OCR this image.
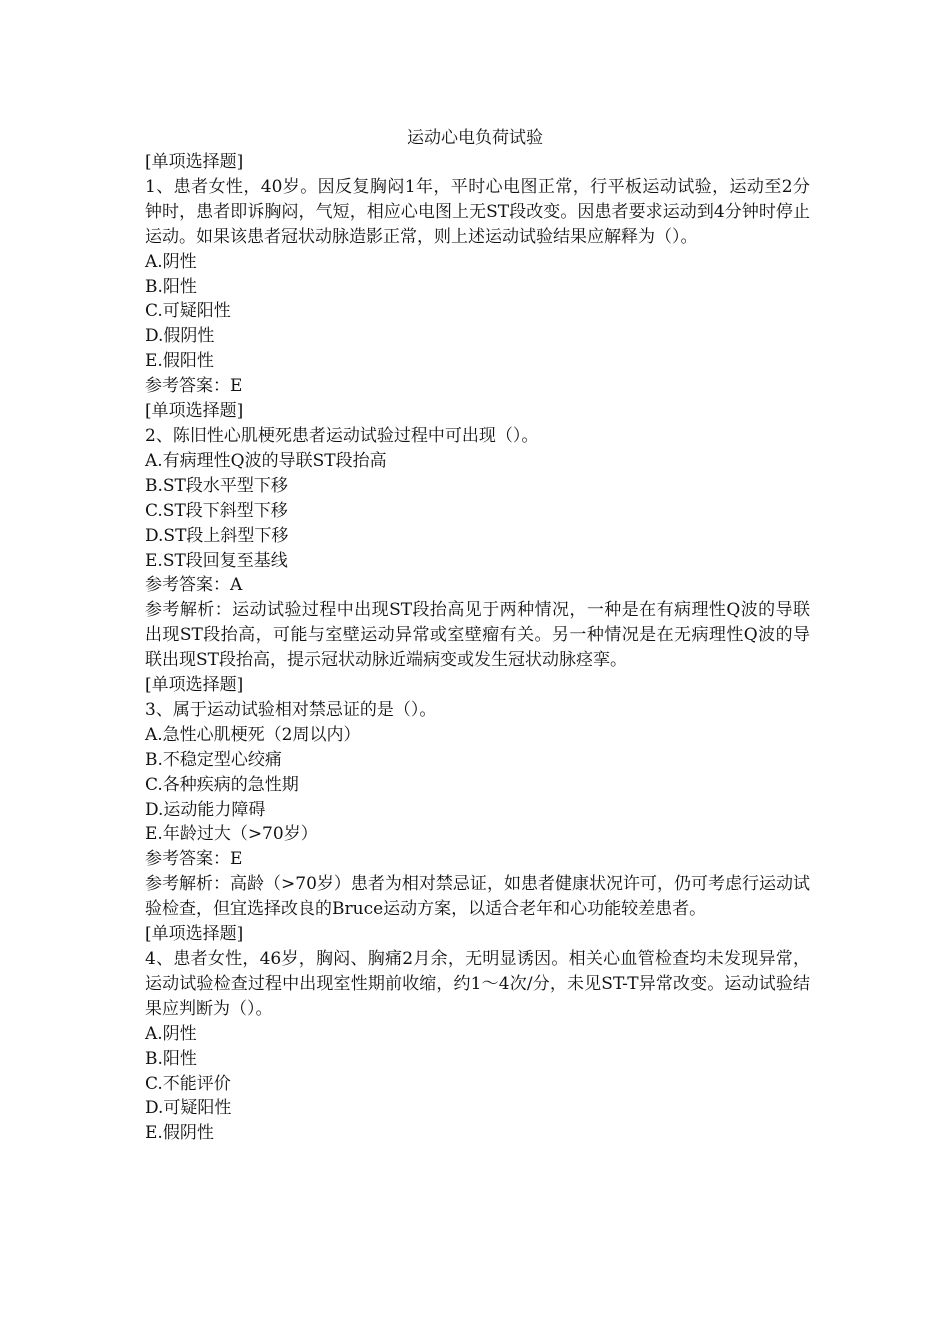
运动心电负荷试验

[单项选择题]

1、患者女性，40岁。因反复胸闷1年，平时心电图正常，行平板运动试验，运动至2分钟时，患者即诉胸闷，气短，相应心电图上无ST段改变。因患者要求运动到4分钟时停止运动。如果该患者冠状动脉造影正常，则上述运动试验结果应解释为（）。

A.阴性

B.阳性

C.可疑阳性

D.假阴性

E.假阳性

参考答案：E

[单项选择题]

2、陈旧性心肌梗死患者运动试验过程中可出现（）。

A.有病理性Q波的导联ST段抬高

B.ST段水平型下移

C.ST段下斜型下移

D.ST段上斜型下移

E.ST段回复至基线

参考答案：A

参考解析：运动试验过程中出现ST段抬高见于两种情况，一种是在有病理性Q波的导联出现ST段抬高，可能与室壁运动异常或室壁瘤有关。另一种情况是在无病理性Q波的导联出现ST段抬高，提示冠状动脉近端病变或发生冠状动脉痉挛。

[单项选择题]

3、属于运动试验相对禁忌证的是（）。

A.急性心肌梗死（2周以内）

B.不稳定型心绞痛

C.各种疾病的急性期

D.运动能力障碍

E.年龄过大（>70岁）

参考答案：E

参考解析：高龄（>70岁）患者为相对禁忌证，如患者健康状况许可，仍可考虑行运动试验检查，但宜选择改良的Bruce运动方案，以适合老年和心功能较差患者。

[单项选择题]

4、患者女性，46岁，胸闷、胸痛2月余，无明显诱因。相关心血管检查均未发现异常，运动试验检查过程中出现室性期前收缩，约1～4次/分，未见ST-T异常改变。运动试验结果应判断为（）。

A.阴性

B.阳性

C.不能评价

D.可疑阳性

E.假阴性
